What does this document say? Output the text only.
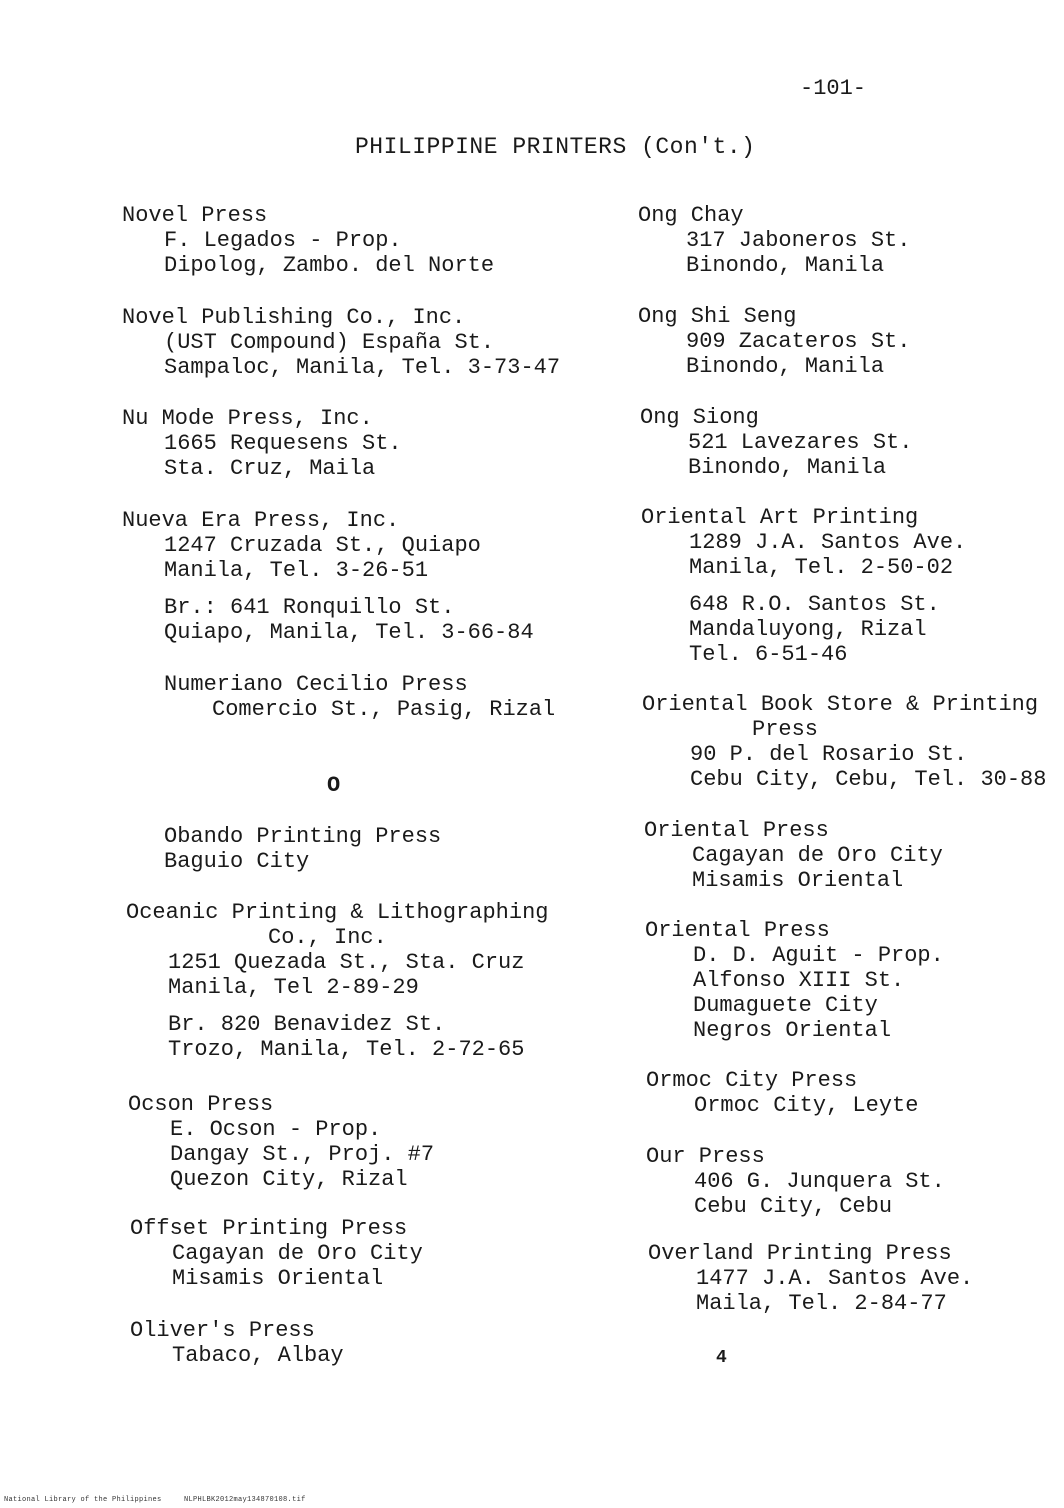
-101-
PHILIPPINE PRINTERS (Con't.)
Novel Press
F. Legados - Prop.
Dipolog, Zambo. del Norte
Novel Publishing Co., Inc.
(UST Compound) España St.
Sampaloc, Manila, Tel. 3-73-47
Nu Mode Press, Inc.
1665 Requesens St.
Sta. Cruz, Maila
Nueva Era Press, Inc.
1247 Cruzada St., Quiapo
Manila, Tel. 3-26-51
Br.: 641 Ronquillo St.
Quiapo, Manila, Tel. 3-66-84
Numeriano Cecilio Press
Comercio St., Pasig, Rizal
O
Obando Printing Press
Baguio City
Oceanic Printing & Lithographing
Co., Inc.
1251 Quezada St., Sta. Cruz
Manila, Tel 2-89-29
Br. 820 Benavidez St.
Trozo, Manila, Tel. 2-72-65
Ocson Press
E. Ocson - Prop.
Dangay St., Proj. #7
Quezon City, Rizal
Offset Printing Press
Cagayan de Oro City
Misamis Oriental
Oliver's Press
Tabaco, Albay
Ong Chay
317 Jaboneros St.
Binondo, Manila
Ong Shi Seng
909 Zacateros St.
Binondo, Manila
Ong Siong
521 Lavezares St.
Binondo, Manila
Oriental Art Printing
1289 J.A. Santos Ave.
Manila, Tel. 2-50-02
648 R.O. Santos St.
Mandaluyong, Rizal
Tel. 6-51-46
Oriental Book Store & Printing
Press
90 P. del Rosario St.
Cebu City, Cebu, Tel. 30-88
Oriental Press
Cagayan de Oro City
Misamis Oriental
Oriental Press
D. D. Aguit - Prop.
Alfonso XIII St.
Dumaguete City
Negros Oriental
Ormoc City Press
Ormoc City, Leyte
Our Press
406 G. Junquera St.
Cebu City, Cebu
Overland Printing Press
1477 J.A. Santos Ave.
Maila, Tel. 2-84-77
4
National Library of the Philippines	NLPHLBK2012may134870108.tif
